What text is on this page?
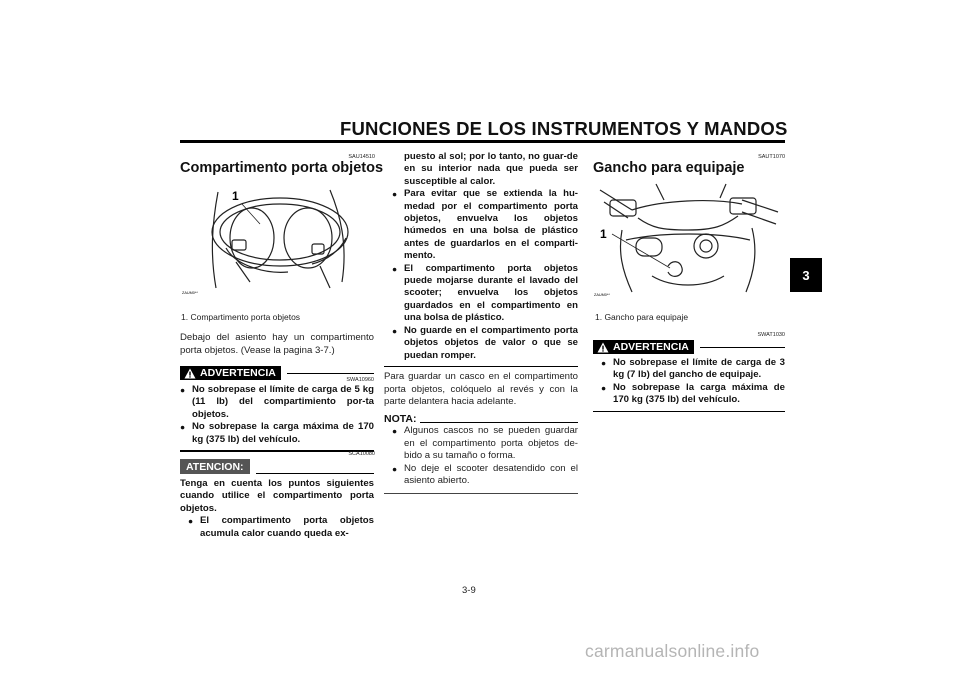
FUNCIONES DE LOS INSTRUMENTOS Y MANDOS
3
SAU14510
Compartimento porta objetos
ZAUM0**
1
1. Compartimento porta objetos
Debajo del asiento hay un compartimento porta objetos. (Vease la pagina 3-7.)
ADVERTENCIA
SWA10960
● No sobrepase el límite de carga de 5 kg (11 lb) del compartimiento por-ta objetos.
● No sobrepase la carga máxima de 170 kg (375 lb) del vehículo.
SCA10080
ATENCION:
Tenga en cuenta los puntos siguientes cuando utilice el compartimento porta objetos.
● El compartimento porta objetos acumula calor cuando queda ex-
puesto al sol; por lo tanto, no guar-de en su interior nada que pueda ser susceptible al calor.
● Para evitar que se extienda la hu-medad por el compartimento porta objetos, envuelva los objetos húmedos en una bolsa de plástico antes de guardarlos en el comparti-mento.
● El compartimento porta objetos puede mojarse durante el lavado del scooter; envuelva los objetos guardados en el compartimento en una bolsa de plástico.
● No guarde en el compartimento porta objetos objetos de valor o que se puedan romper.
Para guardar un casco en el compartimento porta objetos, colóquelo al revés y con la parte delantera hacia adelante.
NOTA:
● Algunos cascos no se pueden guardar en el compartimento porta objetos de-bido a su tamaño o forma.
● No deje el scooter desatendido con el asiento abierto.
SAUT1070
Gancho para equipaje
1
ZAUM0**
1. Gancho para equipaje
SWAT1030
ADVERTENCIA
● No sobrepase el límite de carga de 3 kg (7 lb) del gancho de equipaje.
● No sobrepase la carga máxima de 170 kg (375 lb) del vehículo.
3-9
carmanualsonline.info
